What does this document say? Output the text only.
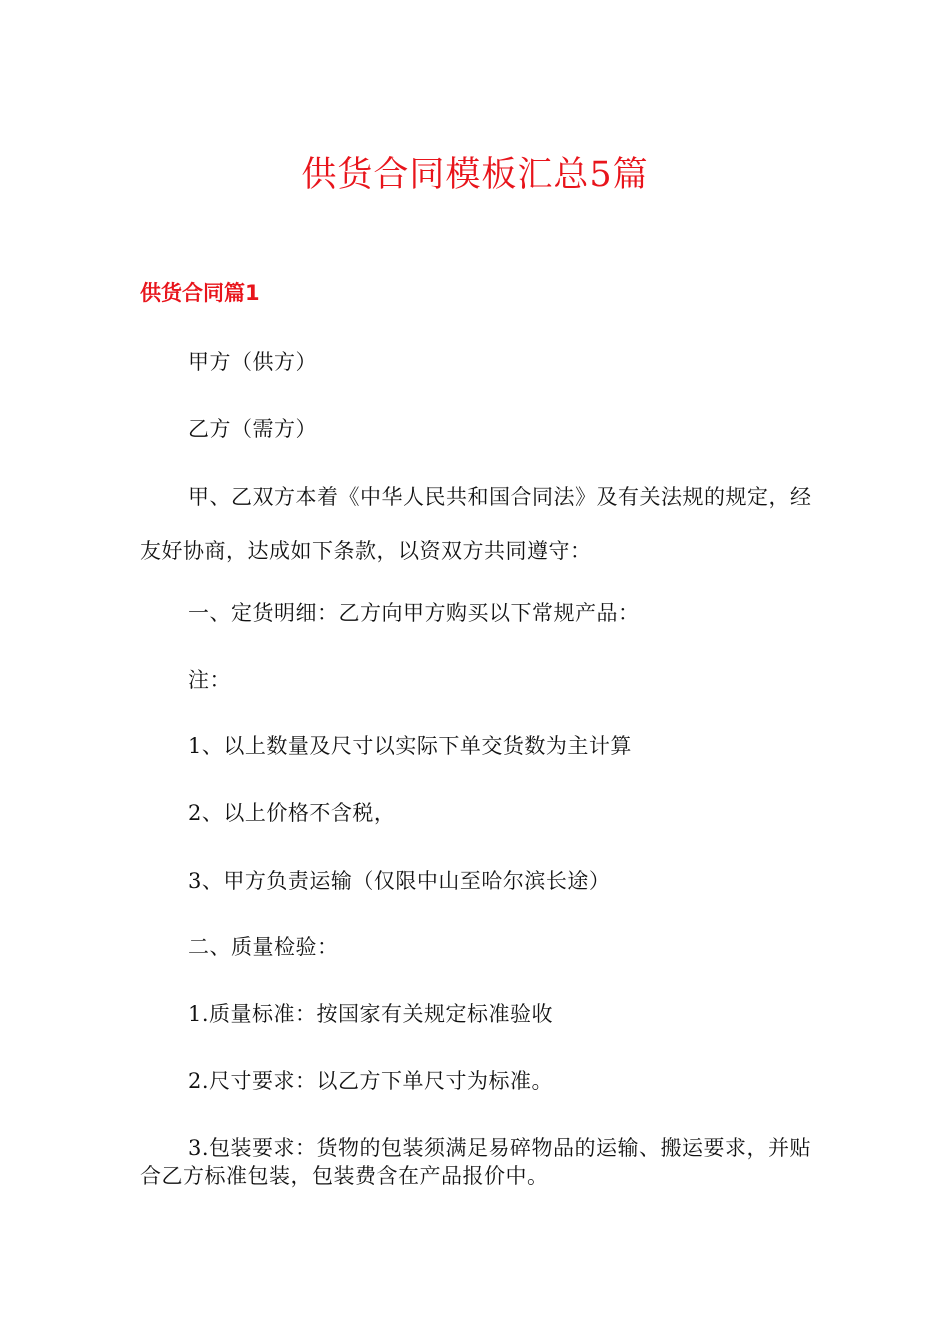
供货合同模板汇总5篇
供货合同篇1

甲方（供方）

乙方（需方）

甲、乙双方本着《中华人民共和国合同法》及有关法规的规定，经友好协商，达成如下条款，以资双方共同遵守：

一、定货明细：乙方向甲方购买以下常规产品：

注：

1、以上数量及尺寸以实际下单交货数为主计算

2、以上价格不含税，

3、甲方负责运输（仅限中山至哈尔滨长途）

二、质量检验：

1.质量标准：按国家有关规定标准验收

2.尺寸要求：以乙方下单尺寸为标准。

3.包装要求：货物的包装须满足易碎物品的运输、搬运要求，并贴合乙方标准包装，包装费含在产品报价中。
